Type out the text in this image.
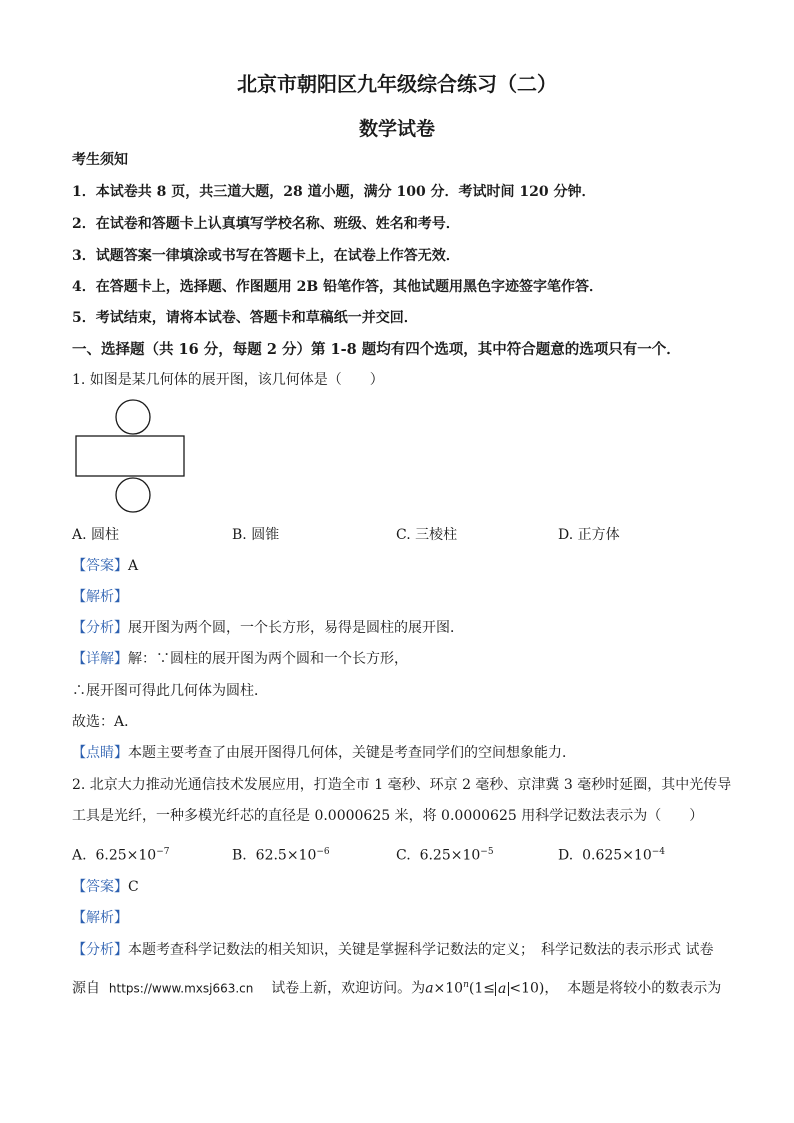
北京市朝阳区九年级综合练习（二）
数学试卷
考生须知
1．本试卷共 8 页，共三道大题，28 道小题，满分 100 分．考试时间 120 分钟．
2．在试卷和答题卡上认真填写学校名称、班级、姓名和考号．
3．试题答案一律填涂或书写在答题卡上，在试卷上作答无效．
4．在答题卡上，选择题、作图题用 2B 铅笔作答，其他试题用黑色字迹签字笔作答．
5．考试结束，请将本试卷、答题卡和草稿纸一并交回．
一、选择题（共 16 分，每题 2 分）第 1-8 题均有四个选项，其中符合题意的选项只有一个．
1. 如图是某几何体的展开图，该几何体是（　　）
A. 圆柱	B. 圆锥	C. 三棱柱	D. 正方体
【答案】A
【解析】
【分析】展开图为两个圆，一个长方形，易得是圆柱的展开图．
【详解】解：∵圆柱的展开图为两个圆和一个长方形，
∴展开图可得此几何体为圆柱．
故选：A．
【点睛】本题主要考查了由展开图得几何体，关键是考查同学们的空间想象能力．
2. 北京大力推动光通信技术发展应用，打造全市 1 毫秒、环京 2 毫秒、京津冀 3 毫秒时延圈，其中光传导
工具是光纤，一种多模光纤芯的直径是 0.0000625 米，将 0.0000625 用科学记数法表示为（　　）
A. $6.25\times 10^{-7}$	B. $62.5\times 10^{-6}$	C. $6.25\times 10^{-5}$	D. $0.625\times 10^{-4}$
【答案】C
【解析】
【分析】本题考查科学记数法的相关知识，关键是掌握科学记数法的定义；　科学记数法的表示形式 试卷
源自 https://www.mxsj663.cn 试卷上新，欢迎访问。为$a\times 10^n(1\le a <10)$，  本题是将较小的数表示为
